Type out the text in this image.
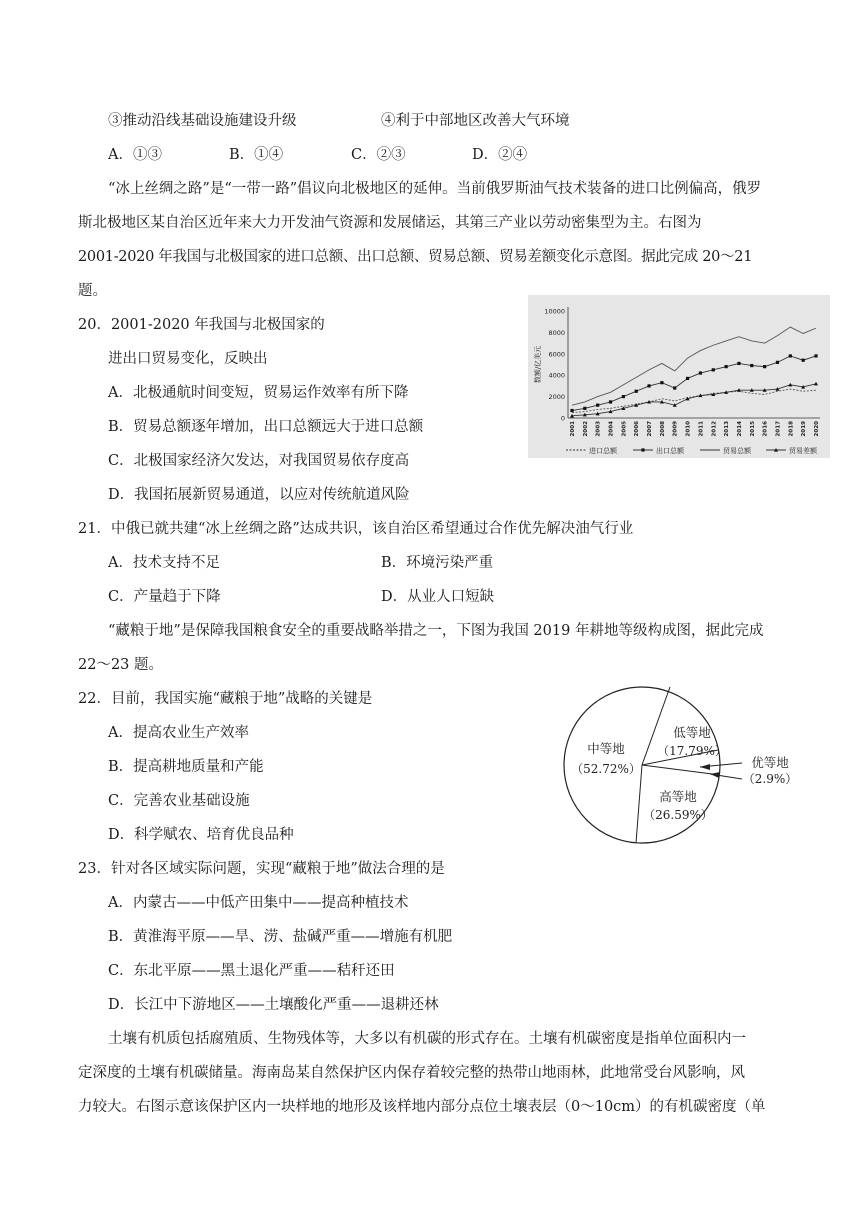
③推动沿线基础设施建设升级	④利于中部地区改善大气环境
A．①③	B．①④	C．②③	D．②④
“冰上丝绸之路”是“一带一路”倡议向北极地区的延伸。当前俄罗斯油气技术装备的进口比例偏高，俄罗
斯北极地区某自治区近年来大力开发油气资源和发展储运，其第三产业以劳动密集型为主。右图为
2001-2020 年我国与北极国家的进口总额、出口总额、贸易总额、贸易差额变化示意图。据此完成 20～21
题。
0
2000
4000
6000
8000
10000
数额/亿美元
2001 2002 2003 2004 2005 2006 2007 2008 2009 2010 2011 2012 2013 2014 2015 2016 2017 2018 2019 2020
进口总额	出口总额	贸易总额	贸易差额
20．2001-2020 年我国与北极国家的
进出口贸易变化，反映出
A．北极通航时间变短，贸易运作效率有所下降
B．贸易总额逐年增加，出口总额远大于进口总额
C．北极国家经济欠发达，对我国贸易依存度高
D．我国拓展新贸易通道，以应对传统航道风险
21．中俄已就共建“冰上丝绸之路”达成共识，该自治区希望通过合作优先解决油气行业
A．技术支持不足	B．环境污染严重
C．产量趋于下降	D．从业人口短缺
“藏粮于地”是保障我国粮食安全的重要战略举措之一，下图为我国 2019 年耕地等级构成图，据此完成
22～23 题。
中等地
（52.72%）
低等地
（17.79%）
优等地
（2.9%）
高等地
（26.59%）
22．目前，我国实施“藏粮于地”战略的关键是
A．提高农业生产效率
B．提高耕地质量和产能
C．完善农业基础设施
D．科学赋农、培育优良品种
23．针对各区域实际问题，实现“藏粮于地”做法合理的是
A．内蒙古——中低产田集中——提高种植技术
B．黄淮海平原——旱、涝、盐碱严重——增施有机肥
C．东北平原——黑土退化严重——秸秆还田
D．长江中下游地区——土壤酸化严重——退耕还林
土壤有机质包括腐殖质、生物残体等，大多以有机碳的形式存在。土壤有机碳密度是指单位面积内一
定深度的土壤有机碳储量。海南岛某自然保护区内保存着较完整的热带山地雨林，此地常受台风影响，风
力较大。右图示意该保护区内一块样地的地形及该样地内部分点位土壤表层（0～10cm）的有机碳密度（单
